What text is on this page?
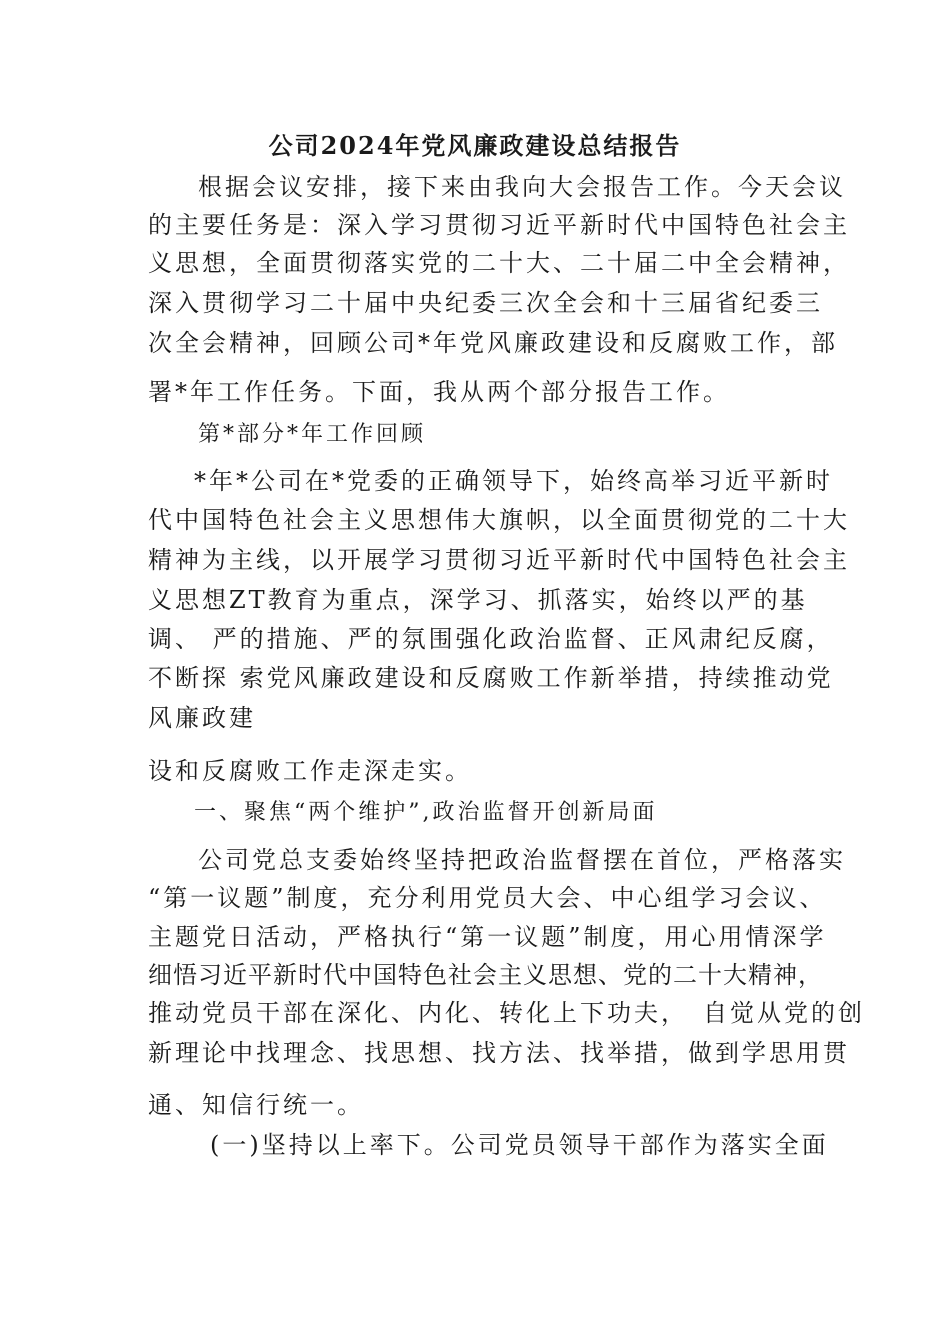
公司2024年党风廉政建设总结报告
根据会议安排，接下来由我向大会报告工作。今天会议
的主要任务是：深入学习贯彻习近平新时代中国特色社会主
义思想，全面贯彻落实党的二十大、二十届二中全会精神，
深入贯彻学习二十届中央纪委三次全会和十三届省纪委三
次全会精神，回顾公司*年党风廉政建设和反腐败工作，部
署*年工作任务。下面，我从两个部分报告工作。
第*部分*年工作回顾
*年*公司在*党委的正确领导下，始终高举习近平新时
代中国特色社会主义思想伟大旗帜，以全面贯彻党的二十大
精神为主线，以开展学习贯彻习近平新时代中国特色社会主
义思想ZT教育为重点，深学习、抓落实，始终以严的基
调、 严的措施、严的氛围强化政治监督、正风肃纪反腐，
不断探 索党风廉政建设和反腐败工作新举措，持续推动党
风廉政建
设和反腐败工作走深走实。
一、聚焦“两个维护”,政治监督开创新局面
公司党总支委始终坚持把政治监督摆在首位，严格落实
“第一议题”制度，充分利用党员大会、中心组学习会议、
主题党日活动，严格执行“第一议题”制度，用心用情深学
细悟习近平新时代中国特色社会主义思想、党的二十大精神，
推动党员干部在深化、内化、转化上下功夫，　自觉从党的创
新理论中找理念、找思想、找方法、找举措，做到学思用贯
通、知信行统一。
(一)坚持以上率下。公司党员领导干部作为落实全面
